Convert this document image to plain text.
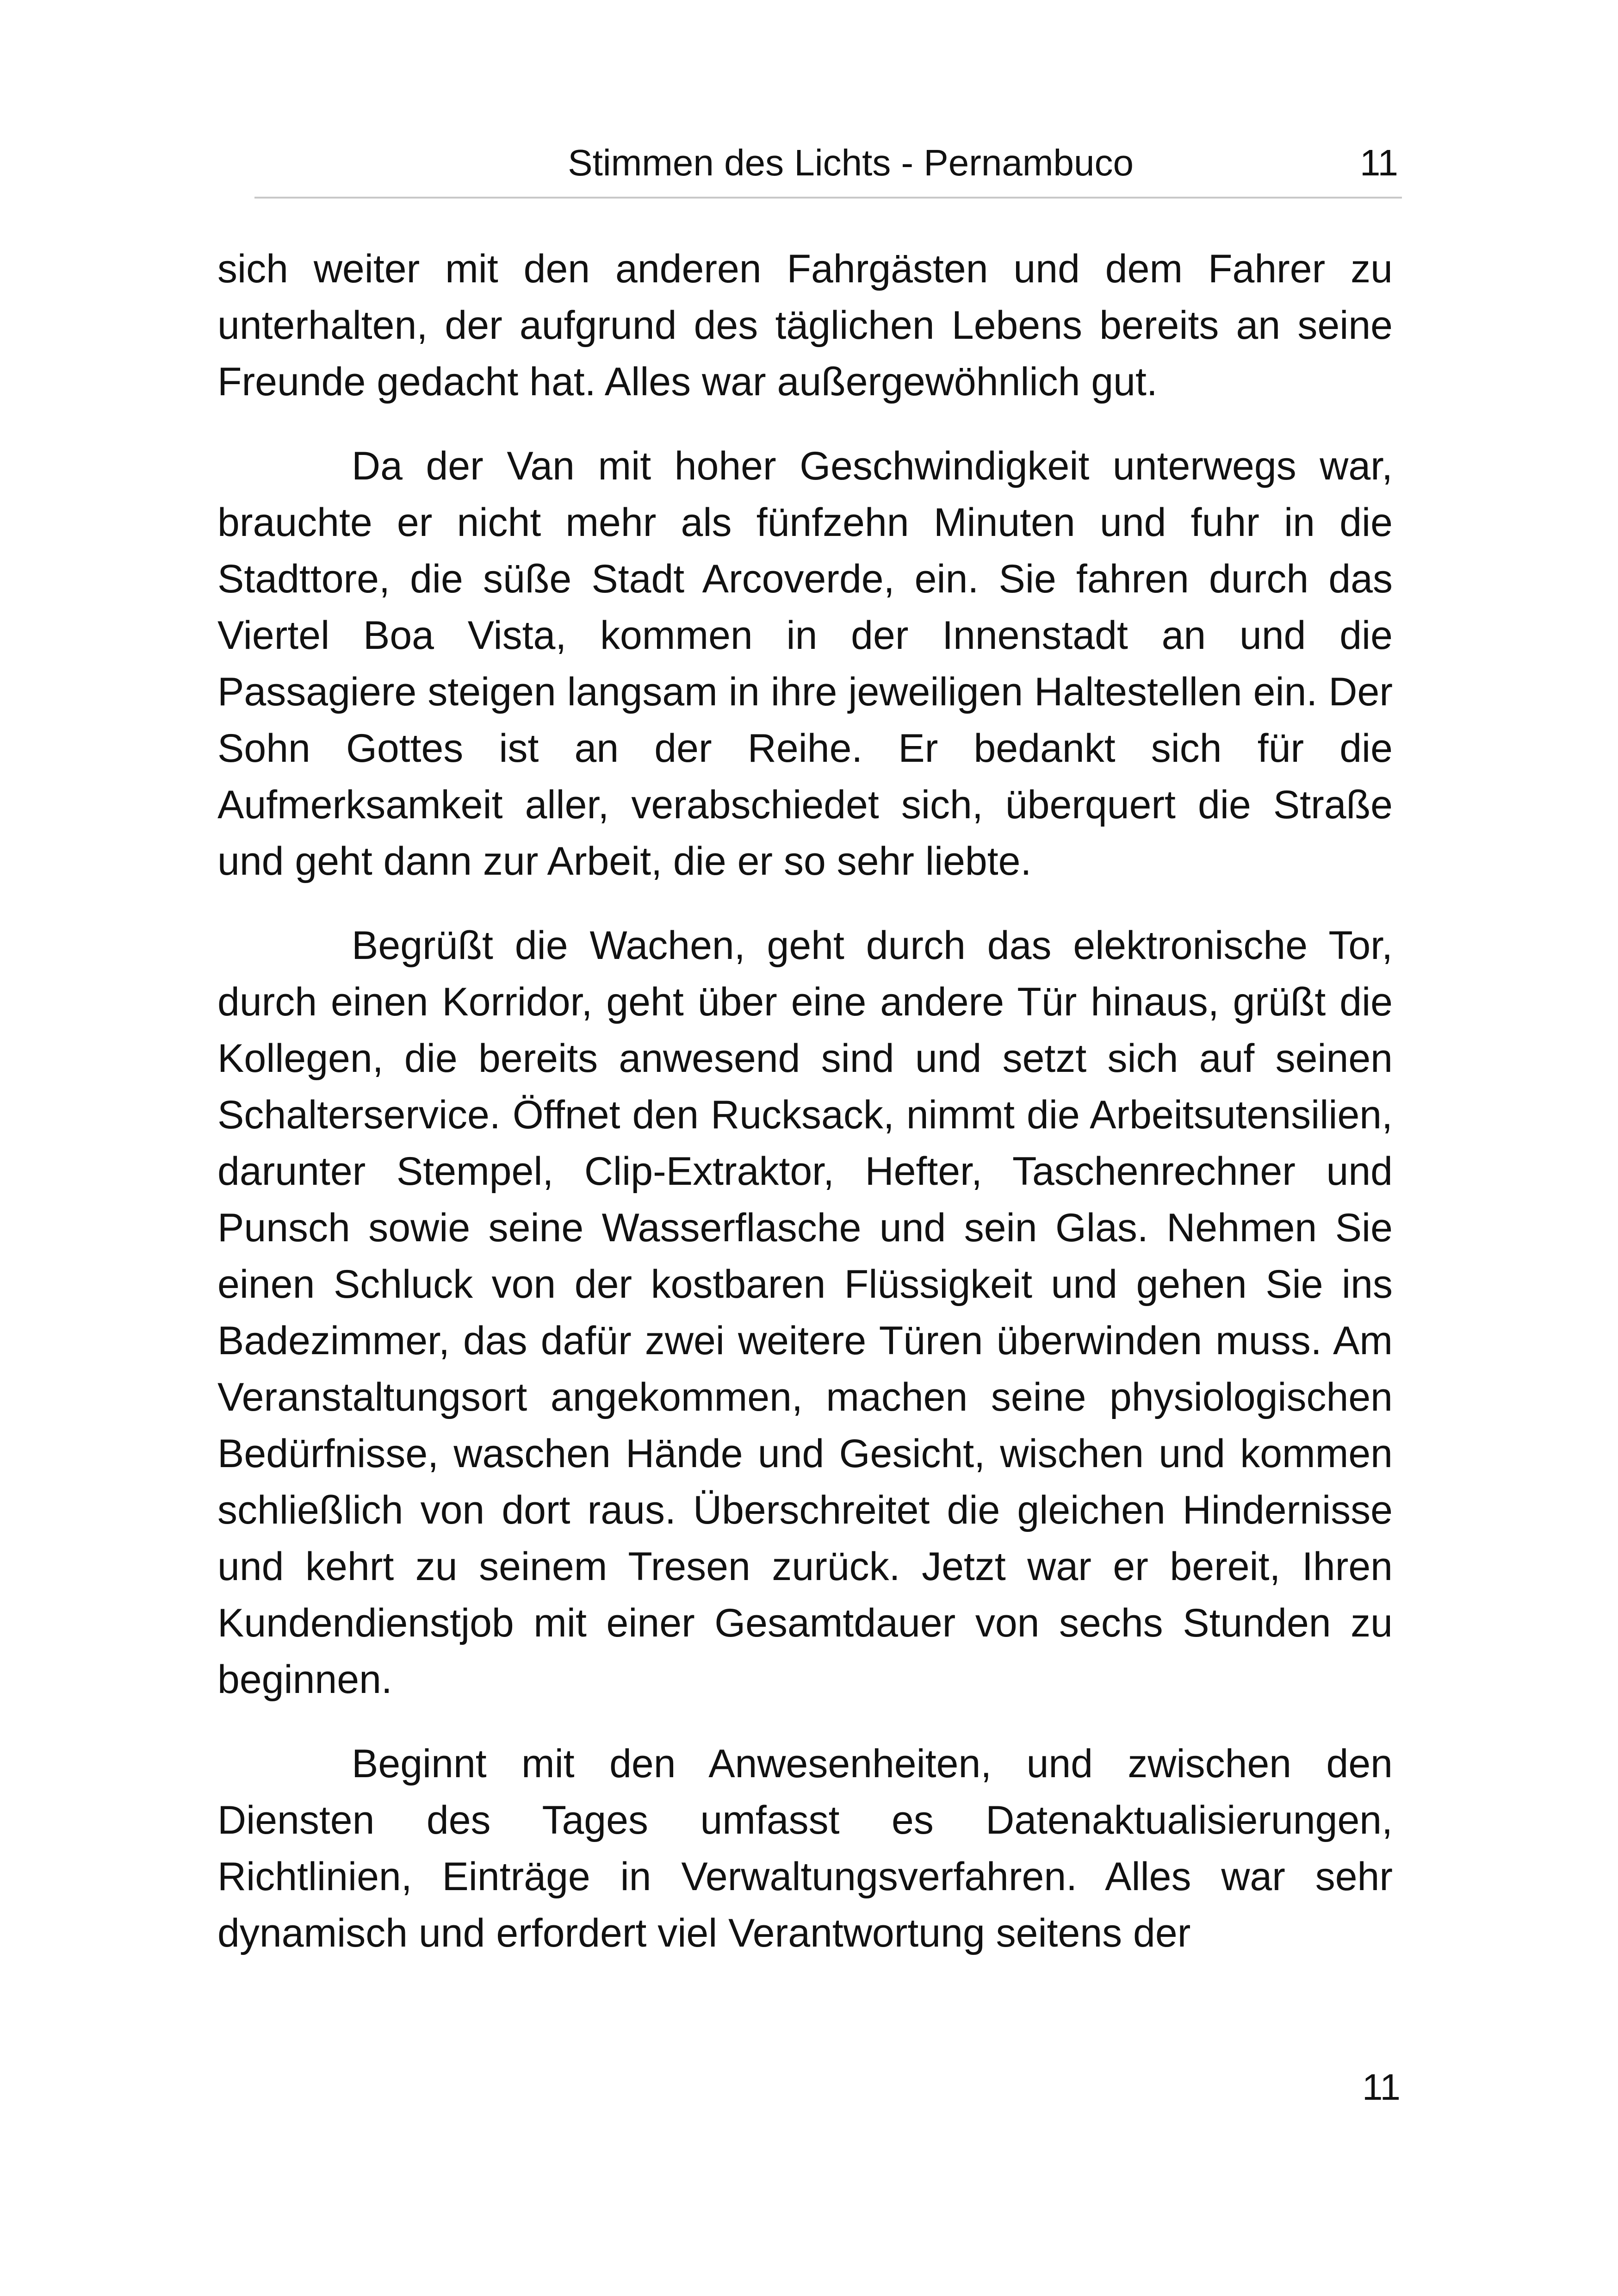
Stimmen des Lichts - Pernambuco	11

sich weiter mit den anderen Fahrgästen und dem Fahrer zu unterhalten, der aufgrund des täglichen Lebens bereits an seine Freunde gedacht hat. Alles war außergewöhnlich gut.

Da der Van mit hoher Geschwindigkeit unterwegs war, brauchte er nicht mehr als fünfzehn Minuten und fuhr in die Stadttore, die süße Stadt Arcoverde, ein. Sie fahren durch das Viertel Boa Vista, kommen in der Innenstadt an und die Passagiere steigen langsam in ihre jeweiligen Haltestellen ein. Der Sohn Gottes ist an der Reihe. Er bedankt sich für die Aufmerksamkeit aller, verabschiedet sich, überquert die Straße und geht dann zur Arbeit, die er so sehr liebte.

Begrüßt die Wachen, geht durch das elektronische Tor, durch einen Korridor, geht über eine andere Tür hinaus, grüßt die Kollegen, die bereits anwesend sind und setzt sich auf seinen Schalterservice. Öffnet den Rucksack, nimmt die Arbeitsutensilien, darunter Stempel, Clip-Extraktor, Hefter, Taschenrechner und Punsch sowie seine Wasserflasche und sein Glas. Nehmen Sie einen Schluck von der kostbaren Flüssigkeit und gehen Sie ins Badezimmer, das dafür zwei weitere Türen überwinden muss. Am Veranstaltungsort angekommen, machen seine physiologischen Bedürfnisse, waschen Hände und Gesicht, wischen und kommen schließlich von dort raus. Überschreitet die gleichen Hindernisse und kehrt zu seinem Tresen zurück. Jetzt war er bereit, Ihren Kundendienstjob mit einer Gesamtdauer von sechs Stunden zu beginnen.

Beginnt mit den Anwesenheiten, und zwischen den Diensten des Tages umfasst es Datenaktualisierungen, Richtlinien, Einträge in Verwaltungsverfahren. Alles war sehr dynamisch und erfordert viel Verantwortung seitens der

11
